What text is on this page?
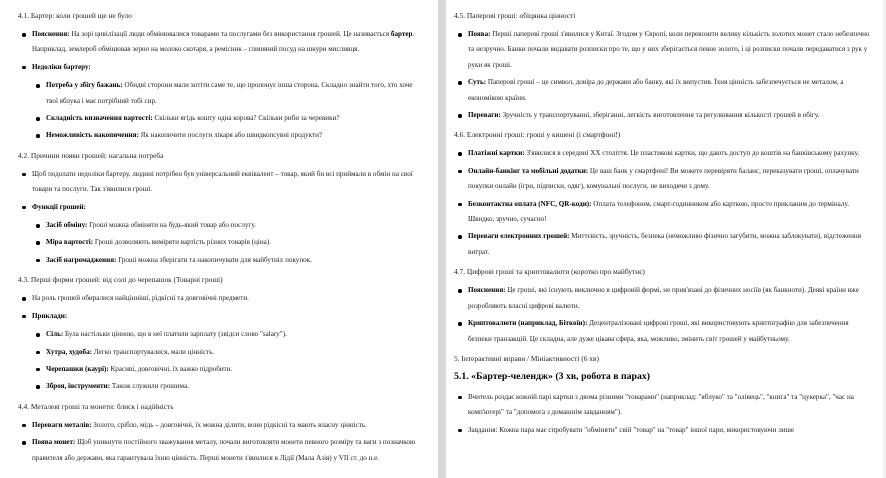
4.1. Бартер: коли грошей ще не було

Пояснення: На зорі цивілізації люди обмінювалися товарами та послугами без використання грошей. Це називається бартер. Наприклад, землероб обмінював зерно на молоко скотаря, а ремісник – глиняний посуд на шкури мисливця.
Недоліки бартеру:
Потреба у збігу бажань: Обидві сторони мали хотіти саме те, що пропонує інша сторона. Складно знайти того, хто хоче твої яблука і має потрібний тобі сир.
Складність визначення вартості: Скільки ягідь кошту одна корова? Скільки риби за черевики?
Неможливість накопичення: Як накопичити послуги лікаря або швидкопсувні продукти?

4.2. Причини появи грошей: нагальна потреба

Щоб подолати недоліки бартеру, людині потрібен був універсальний еквівалент – товар, який би всі приймали в обмін на свої товари та послуги. Так з'явилися гроші.
Функції грошей:
Засіб обміну: Гроші можна обміняти на будь-який товар або послугу.
Міра вартості: Гроші дозволяють виміряти вартість різних товарів (ціна).
Засіб нагромадження: Гроші можна зберігати та накопичувати для майбутніх покупок.

4.3. Перші форми грошей: від солі до черепашок (Товарні гроші)

На роль грошей обиралися найцінніші, рідкісні та довговічні предмети.
Приклади:
Сіль: Була настільки цінною, що в неї платили зарплату (звідси слово "salary").
Хутра, худоба: Легко транспортувалися, мали цінність.
Черепашки (каурі): Красиві, довговічні, їх важко підробити.
Зброя, інструменти: Також служили грошима.

4.4. Металеві гроші та монети: блиск і надійність

Переваги металів: Золото, срібло, мідь – довговічні, їх можна ділити, вони рідкісні та мають власну цінність.
Поява монет: Щоб уникнути постійного зважування металу, почали виготовляти монети певного розміру та ваги з позначкою правителя або держави, яка гарантувала їхню цінність. Перші монети з'явилися в Лідії (Мала Азія) у VII ст. до н.е.

4.5. Паперові гроші: обіцянка цінності

Поява: Перші паперові гроші з'явилися у Китаї. Згодом у Європі, коли перевозити велику кількість золотих монет стало небезпечно та незручно. Банки почали видавати розписки про те, що у них зберігається певне золото, і ці розписки почали передаватися з рук у руки як гроші.
Суть: Паперові гроші – це символ, довіра до держави або банку, які їх випустив. Їхня цінність забезпечується не металом, а економікою країни.
Переваги: Зручність у транспортуванні, зберіганні, легкість виготовлення та регулювання кількості грошей в обігу.

4.6. Електронні гроші: гроші у кишені (і смартфоні!)

Платіжні картки: З'явилися в середині XX століття. Це пластикові картки, що дають доступ до коштів на банківському рахунку.
Онлайн-банкінг та мобільні додатки: Це ваш банк у смартфоні! Ви можете перевіряти баланс, переказувати гроші, оплачувати покупки онлайн (ігри, підписки, одяг), комунальні послуги, не виходячи з дому.
Безконтактна оплата (NFC, QR-коди): Оплата телефоном, смарт-годинником або карткою, просто прикланим до терміналу. Швидко, зручно, сучасно!
Переваги електронних грошей: Миттєвість, зручність, безпека (неможливо фізично загубити, можна заблокувати), відстеження витрат.

4.7. Цифрові гроші та криптовалюти (коротко про майбутнє)

Пояснення: Це гроші, які існують виключно в цифровій формі, не прив'язані до фізичних носіїв (як банкноти). Деякі країни вже розробляють власні цифрові валюти.
Криптовалюти (наприклад, Біткоїн): Децентралізовані цифрові гроші, які використовують криптографію для забезпечення безпеки транзакцій. Це складна, але дуже цікава сфера, яка, можливо, змінить світ грошей у майбутньому.

5. Інтерактивні вправи / Мініактивності (6 хв)

5.1. «Бартер-челендж» (3 хв, робота в парах)

Вчитель роздає кожній парі картки з двома різними "товарами" (наприклад: "яблуко" та "олівець", "книга" та "цукерка", "час на комп'ютері" та "допомога з домашнім завданням").
Завдання: Кожна пара має спробувати "обміняти" свій "товар" на "товар" іншої пари, використовуючи лише
